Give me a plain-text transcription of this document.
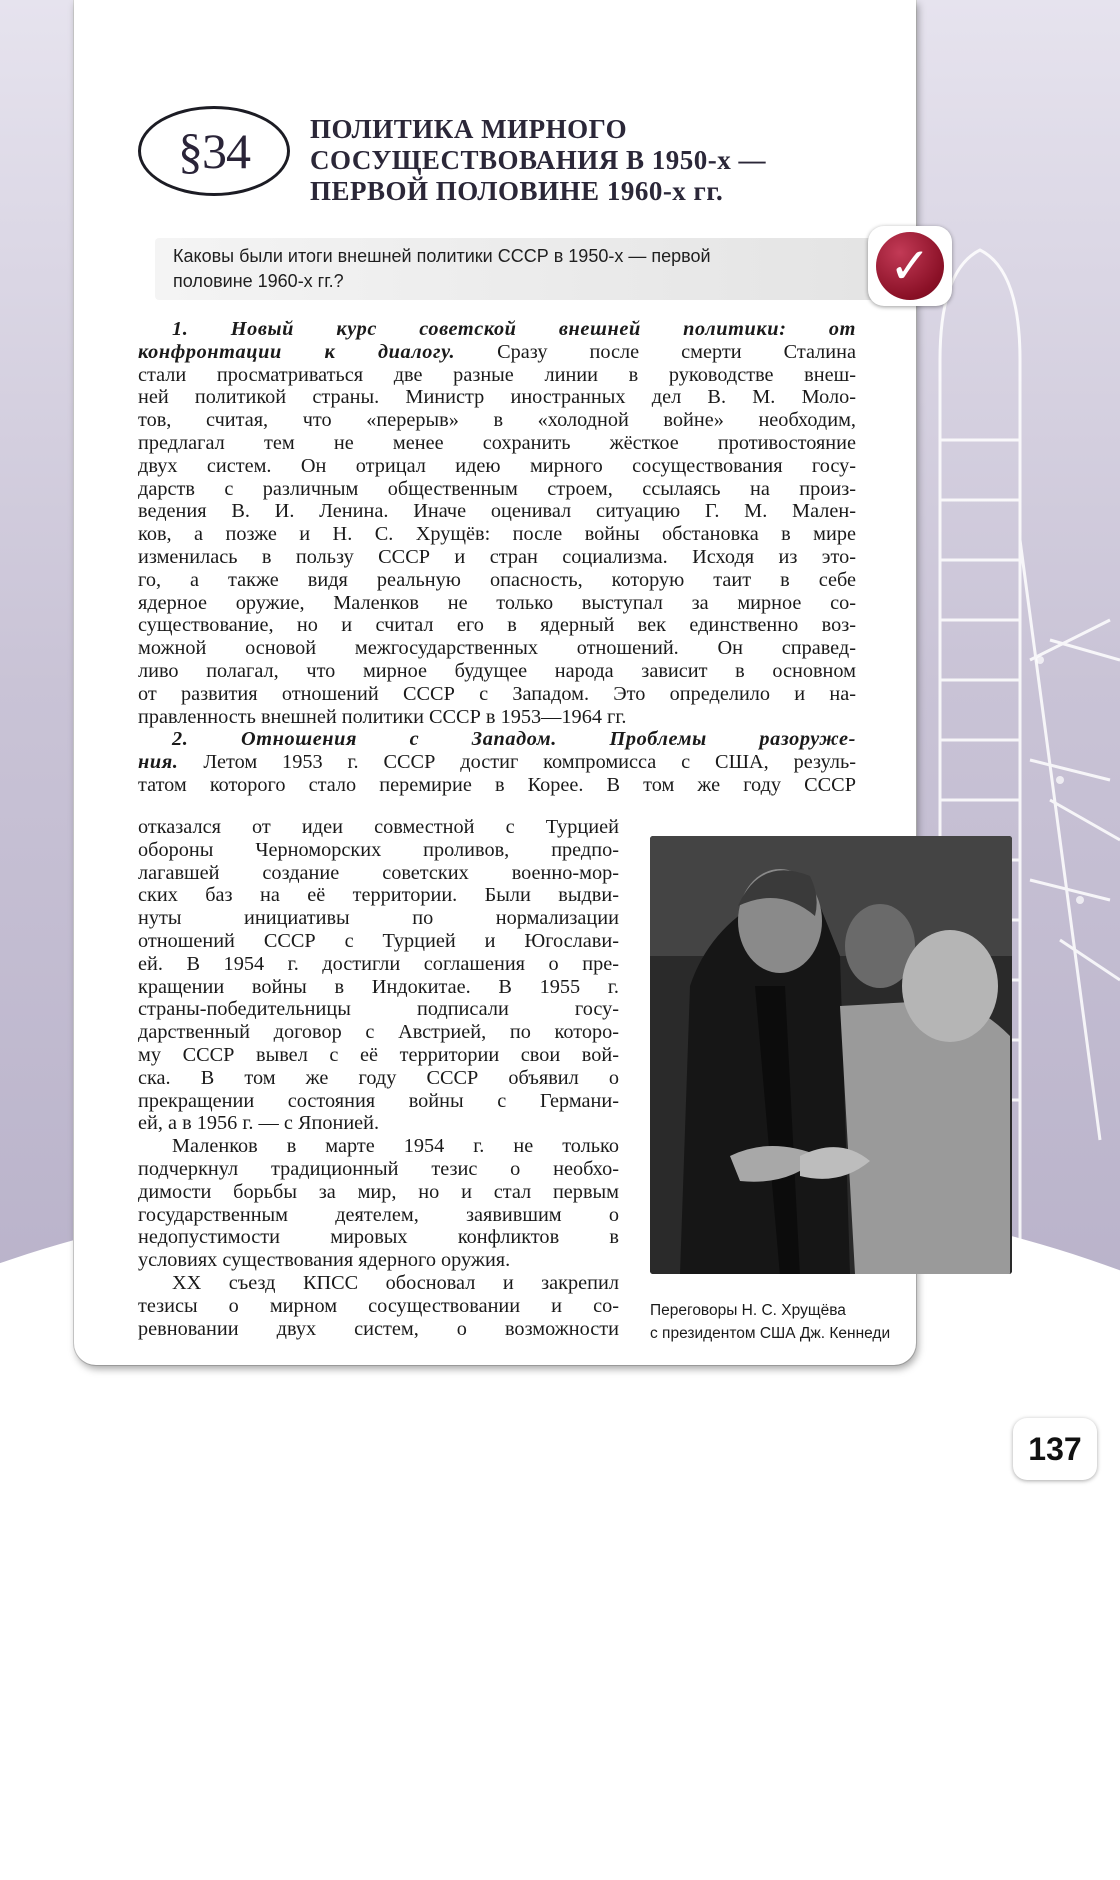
§34 ПОЛИТИКА МИРНОГО
СОСУЩЕСТВОВАНИЯ В 1950-х —
ПЕРВОЙ ПОЛОВИНЕ 1960-х гг.
Каковы были итоги внешней политики СССР в 1950-х — первой
половине 1960-х гг.?	✓
1. Новый курс советской внешней политики: от
конфронтации к диалогу. Сразу после смерти Сталина
стали просматриваться две разные линии в руководстве внеш-
ней политикой страны. Министр иностранных дел В. М. Моло-
тов, считая, что «перерыв» в «холодной войне» необходим,
предлагал тем не менее сохранить жёсткое противостояние
двух систем. Он отрицал идею мирного сосуществования госу-
дарств с различным общественным строем, ссылаясь на произ-
ведения В. И. Ленина. Иначе оценивал ситуацию Г. М. Мален-
ков, а позже и Н. С. Хрущёв: после войны обстановка в мире
изменилась в пользу СССР и стран социализма. Исходя из это-
го, а также видя реальную опасность, которую таит в себе
ядерное оружие, Маленков не только выступал за мирное со-
существование, но и считал его в ядерный век единственно воз-
можной основой межгосударственных отношений. Он справед-
ливо полагал, что мирное будущее народа зависит в основном
от развития отношений СССР с Западом. Это определило и на-
правленность внешней политики СССР в 1953—1964 гг.
2. Отношения с Западом. Проблемы разоруже-
ния. Летом 1953 г. СССР достиг компромисса с США, резуль-
татом которого стало перемирие в Корее. В том же году СССР
отказался от идеи совместной с Турцией
обороны Черноморских проливов, предпо-
лагавшей создание советских военно-мор-
ских баз на её территории. Были выдви-
нуты инициативы по нормализации
отношений СССР с Турцией и Югослави-
ей. В 1954 г. достигли соглашения о пре-
кращении войны в Индокитае. В 1955 г.
страны-победительницы подписали госу-
дарственный договор с Австрией, по которо-
му СССР вывел с её территории свои вой-
ска. В том же году СССР объявил о
прекращении состояния войны с Германи-
ей, а в 1956 г. — с Японией.
Маленков в марте 1954 г. не только
подчеркнул традиционный тезис о необхо-
димости борьбы за мир, но и стал первым
государственным деятелем, заявившим о
недопустимости мировых конфликтов в
условиях существования ядерного оружия.
XX съезд КПСС обосновал и закрепил
тезисы о мирном сосуществовании и со-
ревновании двух систем, о возможности
Переговоры Н. С. Хрущёва
с президентом США Дж. Кеннеди
137
